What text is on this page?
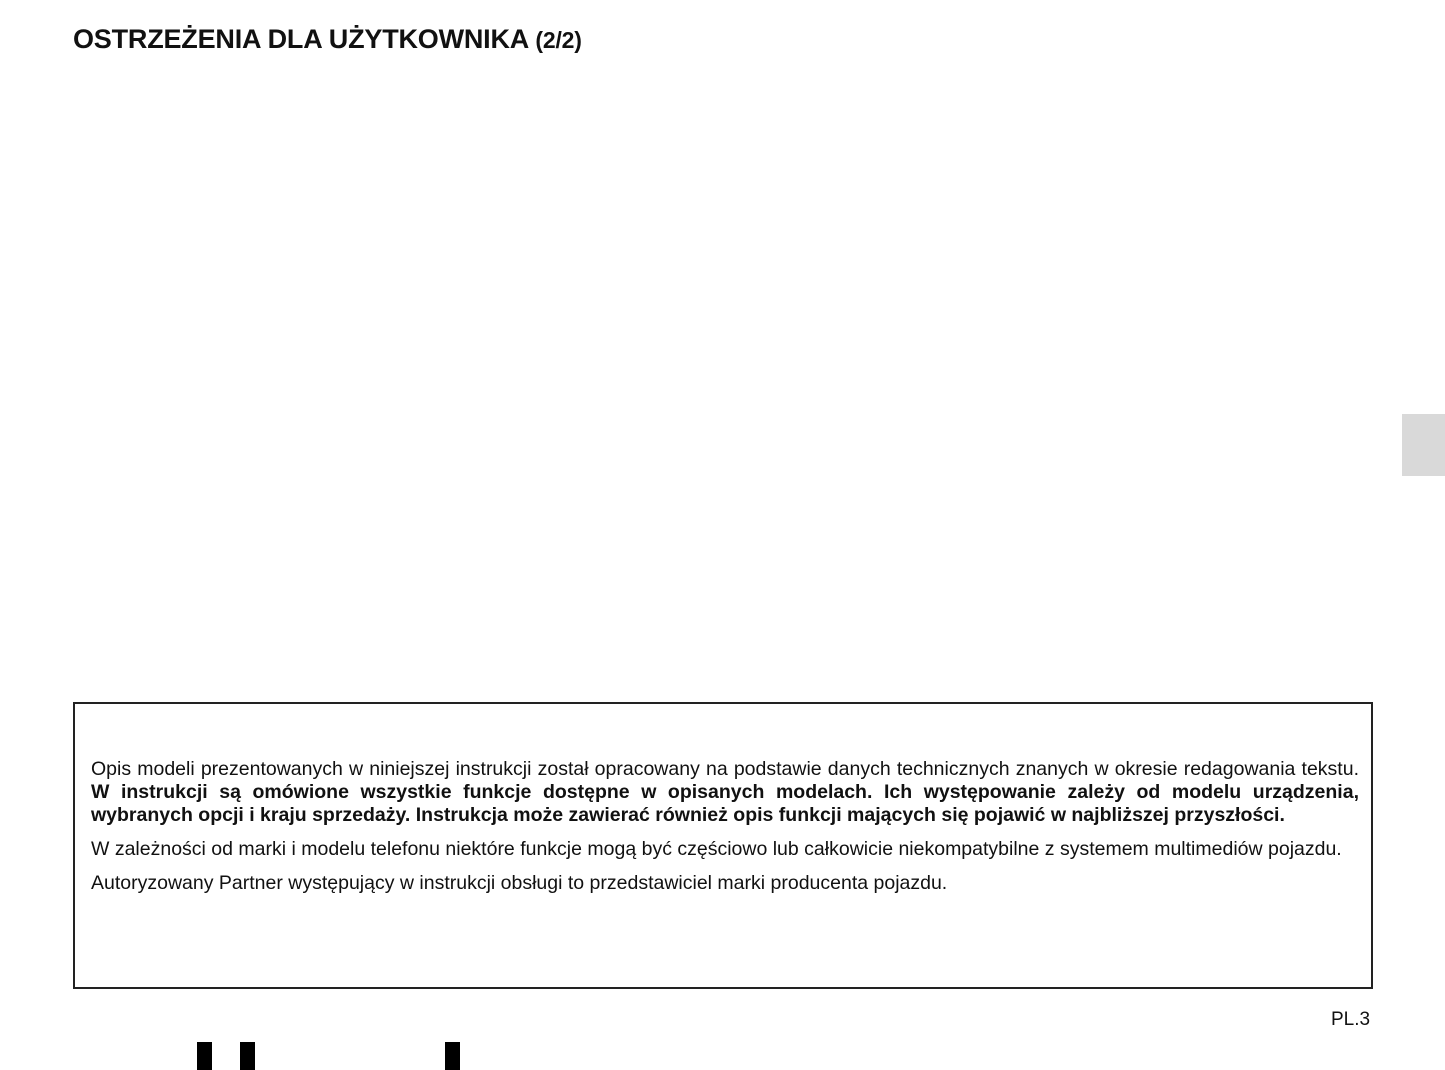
OSTRZEŻENIA DLA UŻYTKOWNIKA (2/2)

Opis modeli prezentowanych w niniejszej instrukcji został opracowany na podstawie danych technicznych znanych w okresie redagowania tekstu. W instrukcji są omówione wszystkie funkcje dostępne w opisanych modelach. Ich występowanie zależy od modelu urządzenia, wybranych opcji i kraju sprzedaży. Instrukcja może zawierać również opis funkcji mających się pojawić w najbliższej przyszłości.

W zależności od marki i modelu telefonu niektóre funkcje mogą być częściowo lub całkowicie niekompatybilne z systemem multimediów pojazdu.

Autoryzowany Partner występujący w instrukcji obsługi to przedstawiciel marki producenta pojazdu.

PL.3
